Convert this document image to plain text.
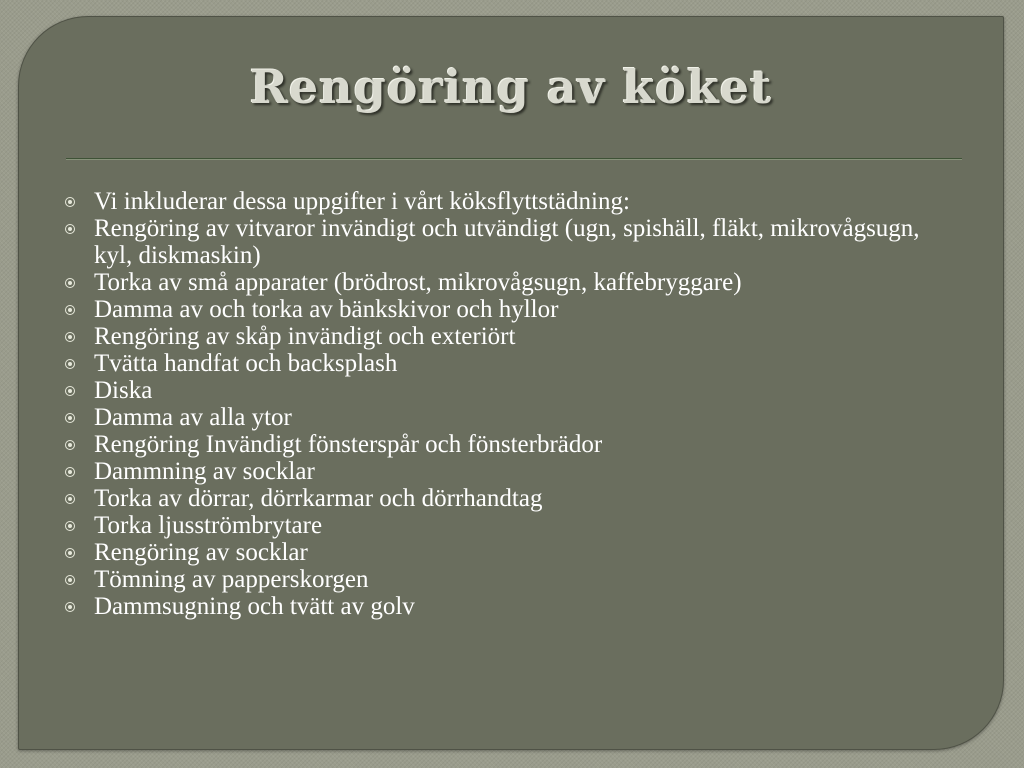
Rengöring av köket
Vi inkluderar dessa uppgifter i vårt köksflyttstädning:
Rengöring av vitvaror invändigt och utvändigt (ugn, spishäll, fläkt, mikrovågsugn, kyl, diskmaskin)
Torka av små apparater (brödrost, mikrovågsugn, kaffebryggare)
Damma av och torka av bänkskivor och hyllor
Rengöring av skåp invändigt och exteriört
Tvätta handfat och backsplash
Diska
Damma av alla ytor
Rengöring Invändigt fönsterspår och fönsterbrädor
Dammning av socklar
Torka av dörrar, dörrkarmar och dörrhandtag
Torka ljusströmbrytare
Rengöring av socklar
Tömning av papperskorgen
Dammsugning och tvätt av golv
